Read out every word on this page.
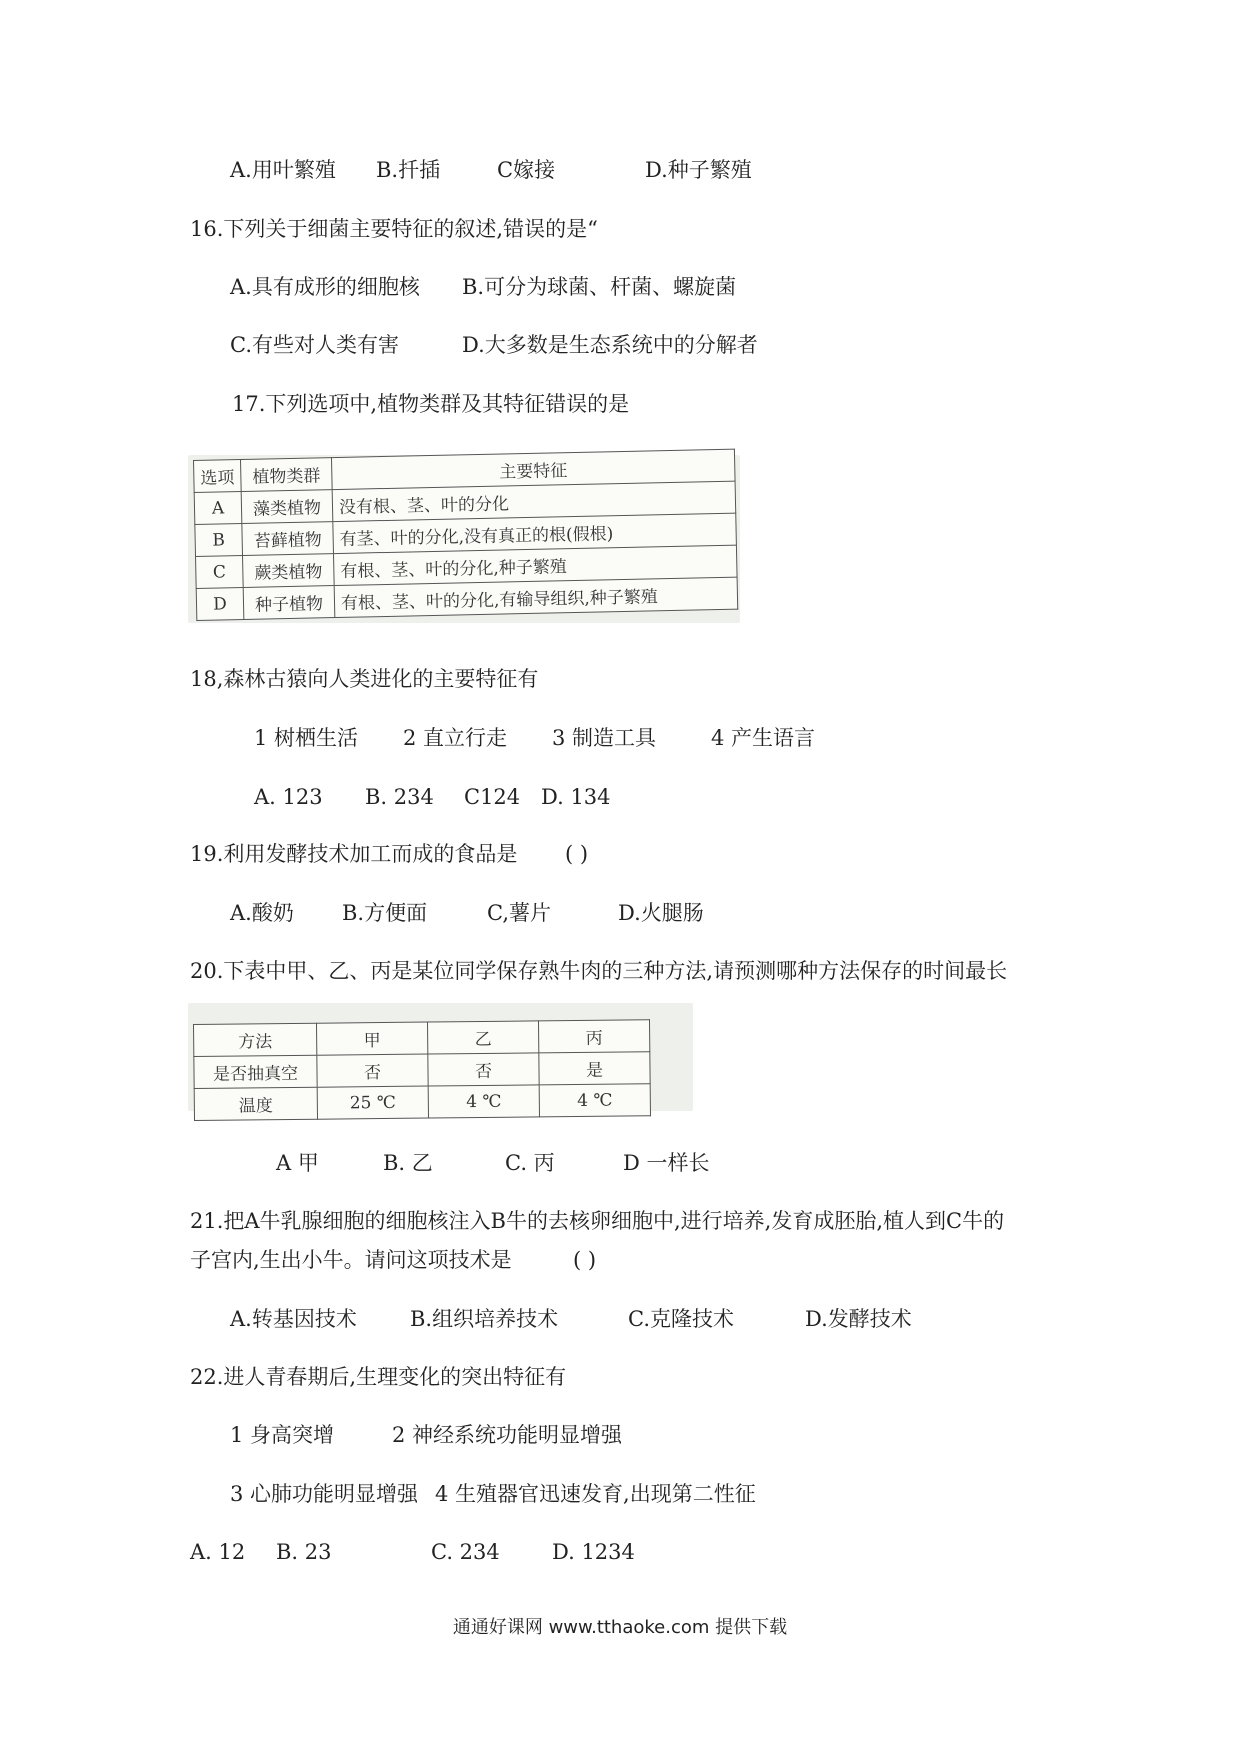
A.用叶繁殖 B.扦插	C嫁接	D.种子繁殖
16.下列关于细菌主要特征的叙述,错误的是“
A.具有成形的细胞核 B.可分为球菌、杆菌、螺旋菌
C.有些对人类有害	D.大多数是生态系统中的分解者
17.下列选项中,植物类群及其特征错误的是
选项	植物类群	主要特征
A	藻类植物	没有根、茎、叶的分化
B	苔藓植物	有茎、叶的分化,没有真正的根(假根)
C	蕨类植物	有根、茎、叶的分化,种子繁殖
D	种子植物	有根、茎、叶的分化,有输导组织,种子繁殖
18,森林古猿向人类进化的主要特征有
1 树栖生活 2 直立行走 3 制造工具	4 产生语言
A. 123 B. 234 C124 D. 134
19.利用发酵技术加工而成的食品是 ( )
A.酸奶 B.方便面	C,薯片	D.火腿肠
20.下表中甲、乙、丙是某位同学保存熟牛肉的三种方法,请预测哪种方法保存的时间最长
方法	甲	乙	丙
是否抽真空	否	否	是
温度	25 ℃	4 ℃	4 ℃
A 甲	B. 乙	C. 丙	D 一样长
21.把A牛乳腺细胞的细胞核注入B牛的去核卵细胞中,进行培养,发育成胚胎,植人到C牛的
子宫内,生出小牛。请问这项技术是	( )
A.转基因技术	B.组织培养技术	C.克隆技术	D.发酵技术
22.进人青春期后,生理变化的突出特征有
1 身高突增	2 神经系统功能明显增强
3 心肺功能明显增强 4 生殖器官迅速发育,出现第二性征
A. 12 B. 23	C. 234 D. 1234
通通好课网 www.tthaoke.com 提供下载
